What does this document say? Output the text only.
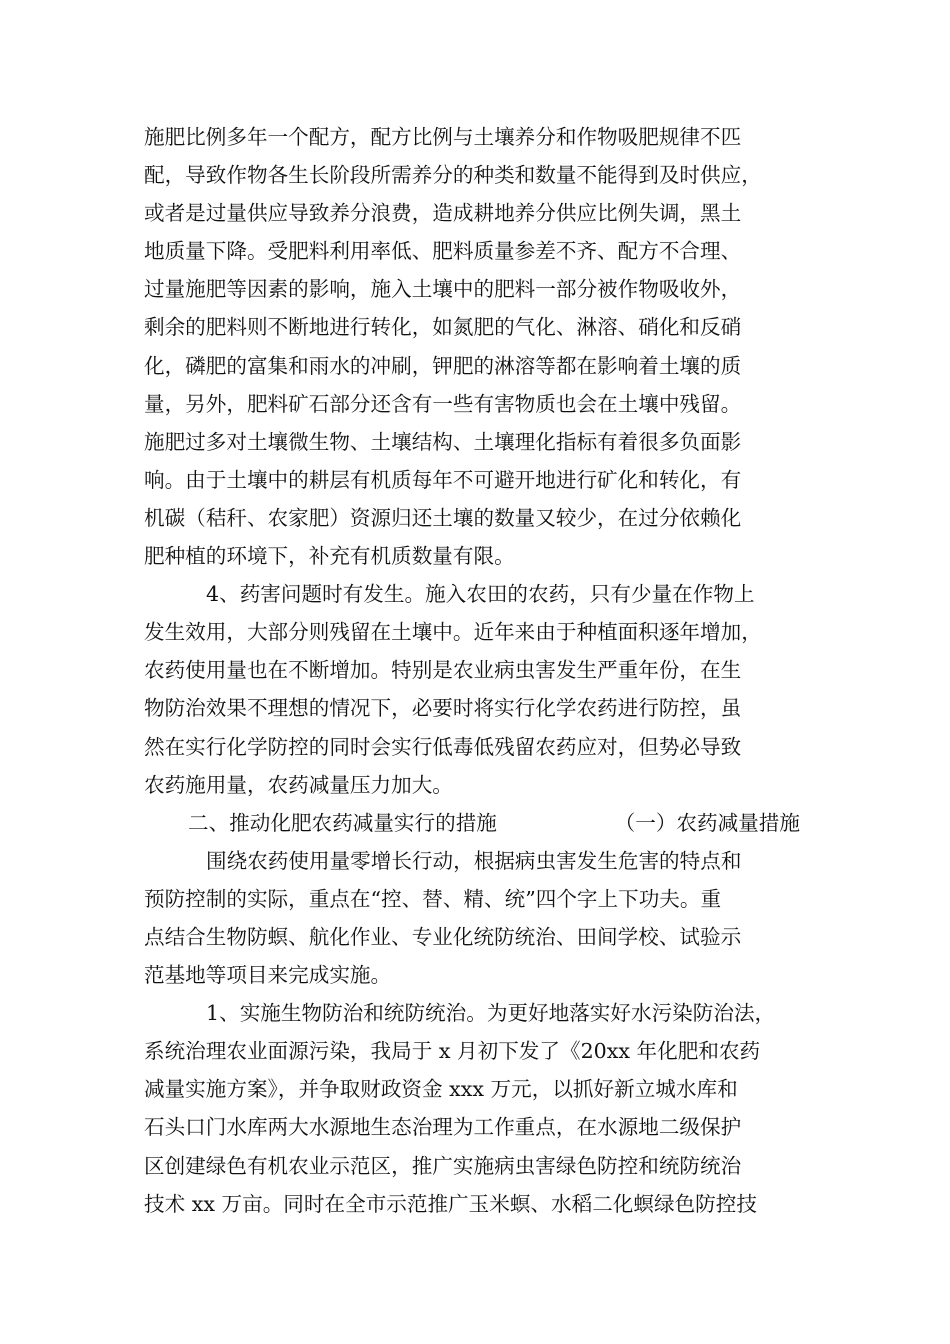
施肥比例多年一个配方，配方比例与土壤养分和作物吸肥规律不匹
配，导致作物各生长阶段所需养分的种类和数量不能得到及时供应，
或者是过量供应导致养分浪费，造成耕地养分供应比例失调，黑土
地质量下降。受肥料利用率低、肥料质量参差不齐、配方不合理、
过量施肥等因素的影响，施入土壤中的肥料一部分被作物吸收外，
剩余的肥料则不断地进行转化，如氮肥的气化、淋溶、硝化和反硝
化，磷肥的富集和雨水的冲刷，钾肥的淋溶等都在影响着土壤的质
量，另外，肥料矿石部分还含有一些有害物质也会在土壤中残留。
施肥过多对土壤微生物、土壤结构、土壤理化指标有着很多负面影
响。由于土壤中的耕层有机质每年不可避开地进行矿化和转化，有
机碳（秸秆、农家肥）资源归还土壤的数量又较少，在过分依赖化
肥种植的环境下，补充有机质数量有限。
4、药害问题时有发生。施入农田的农药，只有少量在作物上
发生效用，大部分则残留在土壤中。近年来由于种植面积逐年增加，
农药使用量也在不断增加。特别是农业病虫害发生严重年份，在生
物防治效果不理想的情况下，必要时将实行化学农药进行防控，虽
然在实行化学防控的同时会实行低毒低残留农药应对，但势必导致
农药施用量，农药减量压力加大。
二、推动化肥农药减量实行的措施	（一）农药减量措施
围绕农药使用量零增长行动，根据病虫害发生危害的特点和
预防控制的实际，重点在“控、替、精、统”四个字上下功夫。重
点结合生物防螟、航化作业、专业化统防统治、田间学校、试验示
范基地等项目来完成实施。
1、实施生物防治和统防统治。为更好地落实好水污染防治法，
系统治理农业面源污染，我局于 x 月初下发了《20xx 年化肥和农药
减量实施方案》，并争取财政资金 xxx 万元，以抓好新立城水库和
石头口门水库两大水源地生态治理为工作重点，在水源地二级保护
区创建绿色有机农业示范区，推广实施病虫害绿色防控和统防统治
技术 xx 万亩。同时在全市示范推广玉米螟、水稻二化螟绿色防控技
